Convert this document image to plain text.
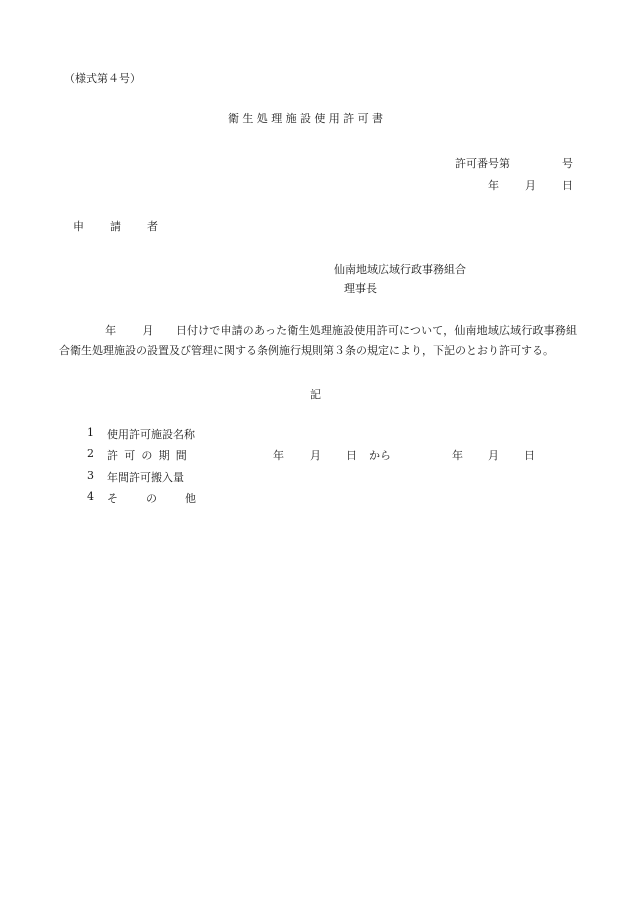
（様式第４号）
衛生処理施設使用許可書
許可番号第	号
年 月 日
申　請　者
仙南地域広域行政事務組合
理事長
年 月 日付けで申請のあった衛生処理施設使用許可について，仙南地域広域行政事務組合衛生処理施設の設置及び管理に関する条例施行規則第３条の規定により，下記のとおり許可する。
記
1 使用許可施設名称
2 許可の期間
3 年間許可搬入量
4 その他
年 月 日 から	年 月 日
